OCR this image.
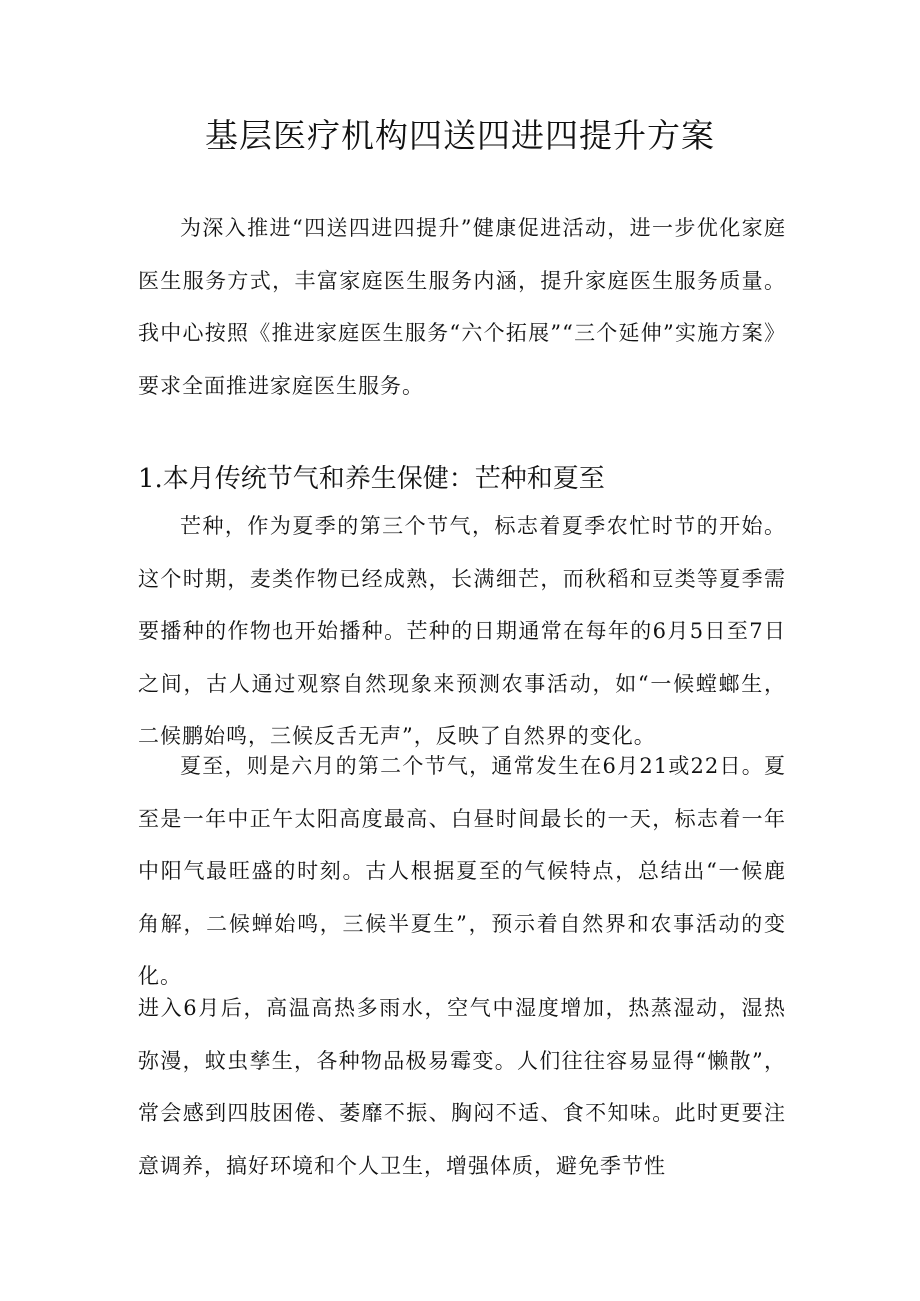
基层医疗机构四送四进四提升方案

为深入推进“四送四进四提升”健康促进活动，进一步优化家庭医生服务方式，丰富家庭医生服务内涵，提升家庭医生服务质量。我中心按照《推进家庭医生服务“六个拓展”“三个延伸”实施方案》要求全面推进家庭医生服务。

1.本月传统节气和养生保健：芒种和夏至

芒种，作为夏季的第三个节气，标志着夏季农忙时节的开始。这个时期，麦类作物已经成熟，长满细芒，而秋稻和豆类等夏季需要播种的作物也开始播种。芒种的日期通常在每年的6月5日至7日之间，古人通过观察自然现象来预测农事活动，如“一候螳螂生，二候鹏始鸣，三候反舌无声”，反映了自然界的变化。

夏至，则是六月的第二个节气，通常发生在6月21或22日。夏至是一年中正午太阳高度最高、白昼时间最长的一天，标志着一年中阳气最旺盛的时刻。古人根据夏至的气候特点，总结出“一候鹿角解，二候蝉始鸣，三候半夏生”，预示着自然界和农事活动的变化。

进入6月后，高温高热多雨水，空气中湿度增加，热蒸湿动，湿热弥漫，蚊虫孳生，各种物品极易霉变。人们往往容易显得“懒散”，常会感到四肢困倦、萎靡不振、胸闷不适、食不知味。此时更要注意调养，搞好环境和个人卫生，增强体质，避免季节性
